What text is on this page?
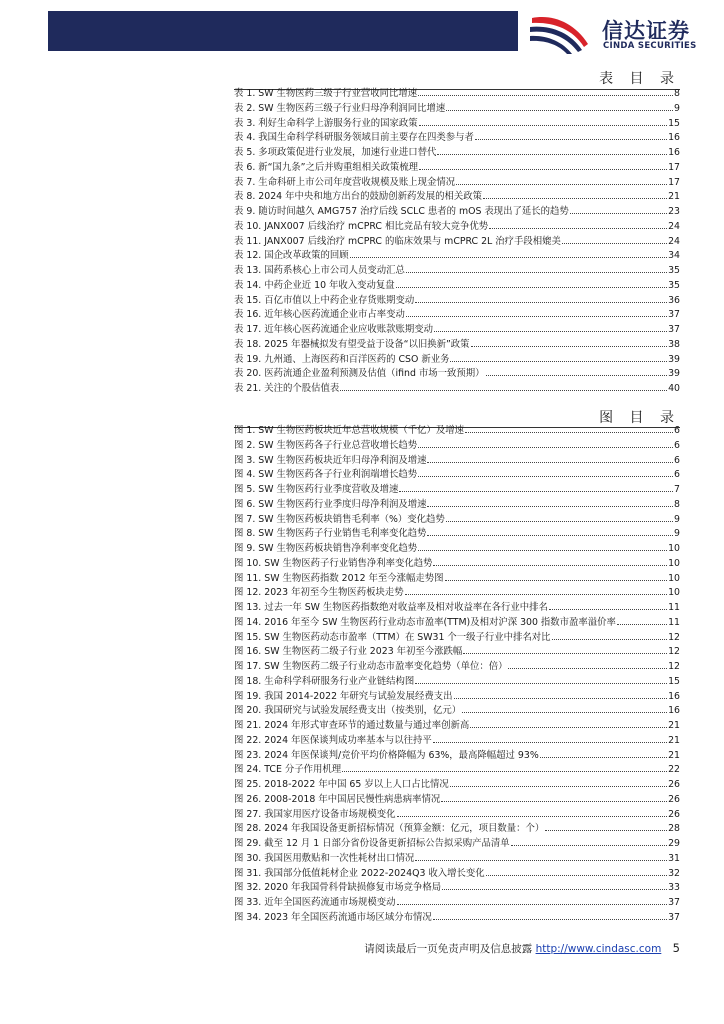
信达证券
CINDA SECURITIES
表 目 录
表 1. SW 生物医药三级子行业营收同比增速	8
表 2. SW 生物医药三级子行业归母净利润同比增速	9
表 3. 利好生命科学上游服务行业的国家政策	15
表 4. 我国生命科学科研服务领域目前主要存在四类参与者	16
表 5. 多项政策促进行业发展，加速行业进口替代	16
表 6. 新“国九条”之后并购重组相关政策梳理	17
表 7. 生命科研上市公司年度营收规模及账上现金情况	17
表 8. 2024 年中央和地方出台的鼓励创新药发展的相关政策	21
表 9. 随访时间越久 AMG757 治疗后线 SCLC 患者的 mOS 表现出了延长的趋势	23
表 10. JANX007 后线治疗 mCPRC 相比竞品有较大竞争优势	24
表 11. JANX007 后线治疗 mCPRC 的临床效果与 mCPRC 2L 治疗手段相媲美	24
表 12. 国企改革政策的回顾	34
表 13. 国药系核心上市公司人员变动汇总	35
表 14. 中药企业近 10 年收入变动复盘	35
表 15. 百亿市值以上中药企业存货账期变动	36
表 16. 近年核心医药流通企业市占率变动	37
表 17. 近年核心医药流通企业应收账款账期变动	37
表 18. 2025 年器械拟发有望受益于设备“以旧换新”政策	38
表 19. 九州通、上海医药和百洋医药的 CSO 新业务	39
表 20. 医药流通企业盈利预测及估值（ifind 市场一致预期）	39
表 21. 关注的个股估值表	40
图 目 录
图 1. SW 生物医药板块近年总营收规模（千亿）及增速	6
图 2. SW 生物医药各子行业总营收增长趋势	6
图 3. SW 生物医药板块近年归母净利润及增速	6
图 4. SW 生物医药各子行业利润端增长趋势	6
图 5. SW 生物医药行业季度营收及增速	7
图 6. SW 生物医药行业季度归母净利润及增速	8
图 7. SW 生物医药板块销售毛利率（%）变化趋势	9
图 8. SW 生物医药子行业销售毛利率变化趋势	9
图 9. SW 生物医药板块销售净利率变化趋势	10
图 10. SW 生物医药子行业销售净利率变化趋势	10
图 11. SW 生物医药指数 2012 年至今涨幅走势图	10
图 12. 2023 年初至今生物医药板块走势	10
图 13. 过去一年 SW 生物医药指数绝对收益率及相对收益率在各行业中排名	11
图 14. 2016 年至今 SW 生物医药行业动态市盈率(TTM)及相对沪深 300 指数市盈率溢价率	11
图 15. SW 生物医药动态市盈率（TTM）在 SW31 个一级子行业中排名对比	12
图 16. SW 生物医药二级子行业 2023 年初至今涨跌幅	12
图 17. SW 生物医药二级子行业动态市盈率变化趋势（单位：倍）	12
图 18. 生命科学科研服务行业产业链结构图	15
图 19. 我国 2014-2022 年研究与试验发展经费支出	16
图 20. 我国研究与试验发展经费支出（按类别，亿元）	16
图 21. 2024 年形式审查环节的通过数量与通过率创新高	21
图 22. 2024 年医保谈判成功率基本与以往持平	21
图 23. 2024 年医保谈判/竞价平均价格降幅为 63%，最高降幅超过 93%	21
图 24. TCE 分子作用机理	22
图 25. 2018-2022 年中国 65 岁以上人口占比情况	26
图 26. 2008-2018 年中国居民慢性病患病率情况	26
图 27. 我国家用医疗设备市场规模变化	26
图 28. 2024 年我国设备更新招标情况（预算金额：亿元，项目数量：个）	28
图 29. 截至 12 月 1 日部分省份设备更新招标公告拟采购产品清单	29
图 30. 我国医用敷贴和一次性耗材出口情况	31
图 31. 我国部分低值耗材企业 2022-2024Q3 收入增长变化	32
图 32. 2020 年我国骨科骨缺损修复市场竞争格局	33
图 33. 近年全国医药流通市场规模变动	37
图 34. 2023 年全国医药流通市场区域分布情况	37
请阅读最后一页免责声明及信息披露 http://www.cindasc.com 5
